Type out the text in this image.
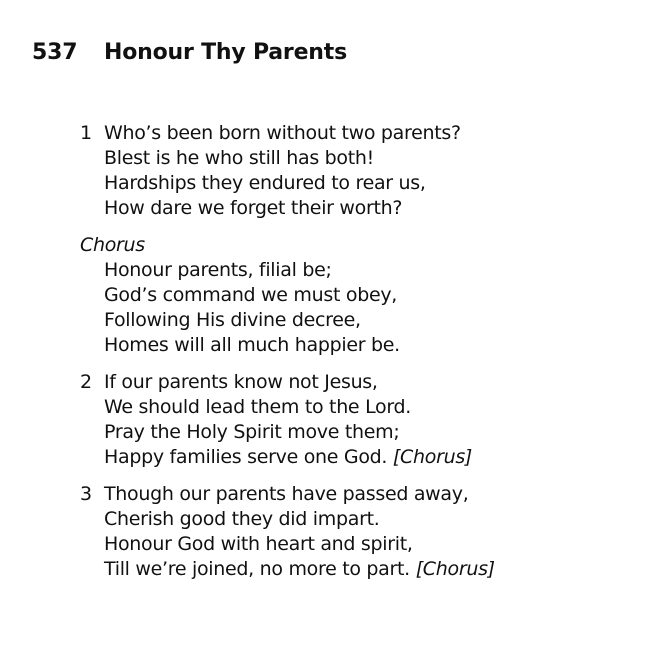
537 Honour Thy Parents
1 Who’s been born without two parents?
Blest is he who still has both!
Hardships they endured to rear us,
How dare we forget their worth?
Chorus
Honour parents, filial be;
God’s command we must obey,
Following His divine decree,
Homes will all much happier be.
2 If our parents know not Jesus,
We should lead them to the Lord.
Pray the Holy Spirit move them;
Happy families serve one God. [Chorus]
3 Though our parents have passed away,
Cherish good they did impart.
Honour God with heart and spirit,
Till we’re joined, no more to part. [Chorus]
